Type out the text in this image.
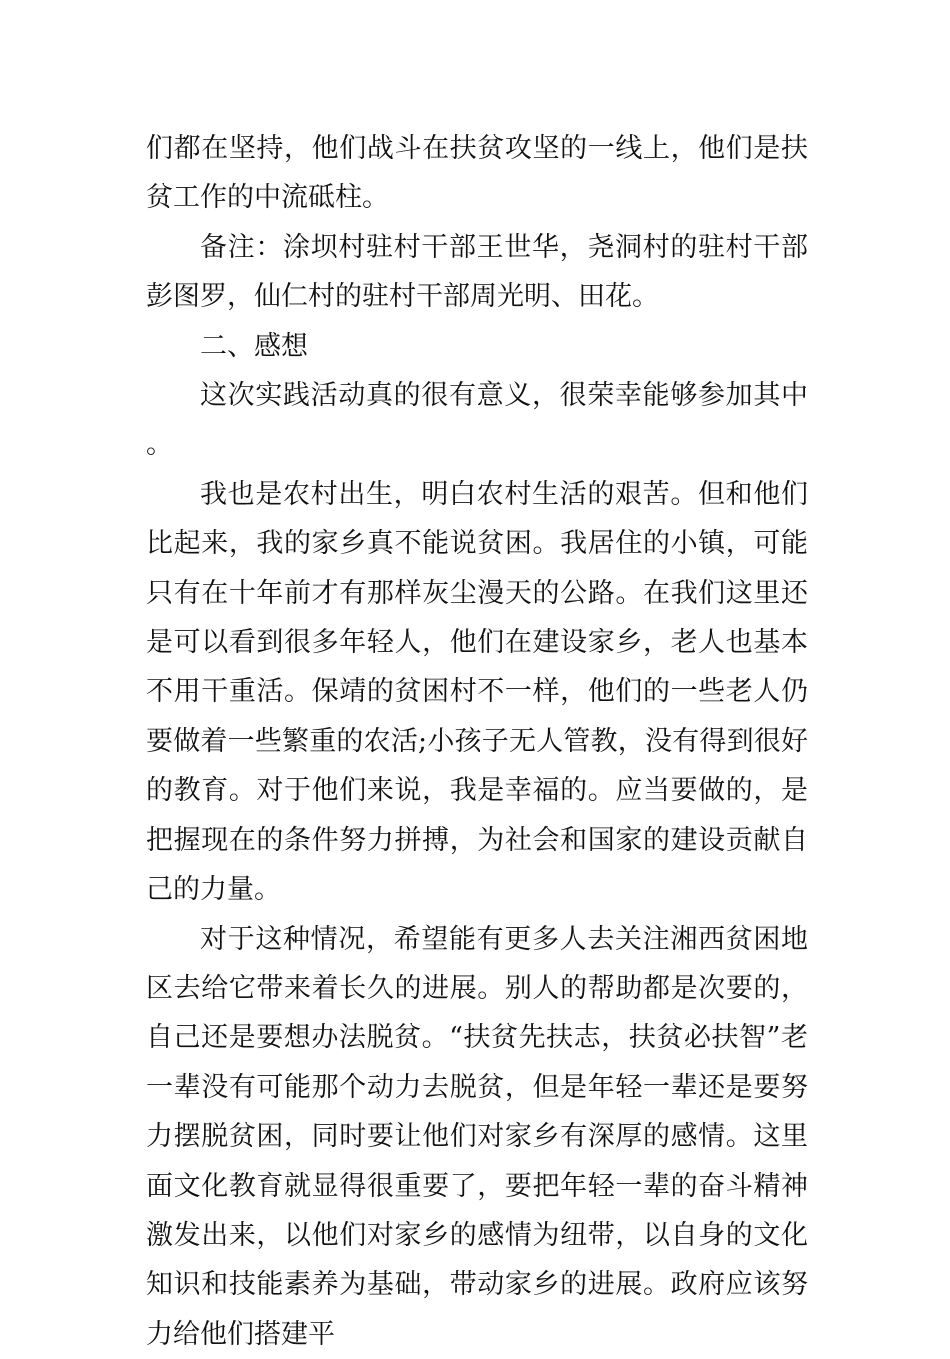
们都在坚持，他们战斗在扶贫攻坚的一线上，他们是扶贫工作的中流砥柱。

备注：涂坝村驻村干部王世华，尧洞村的驻村干部彭图罗，仙仁村的驻村干部周光明、田花。

二、感想

这次实践活动真的很有意义，很荣幸能够参加其中。

我也是农村出生，明白农村生活的艰苦。但和他们比起来，我的家乡真不能说贫困。我居住的小镇，可能只有在十年前才有那样灰尘漫天的公路。在我们这里还是可以看到很多年轻人，他们在建设家乡，老人也基本不用干重活。保靖的贫困村不一样，他们的一些老人仍要做着一些繁重的农活;小孩子无人管教，没有得到很好的教育。对于他们来说，我是幸福的。应当要做的，是把握现在的条件努力拼搏，为社会和国家的建设贡献自己的力量。

对于这种情况，希望能有更多人去关注湘西贫困地区去给它带来着长久的进展。别人的帮助都是次要的，自己还是要想办法脱贫。“扶贫先扶志，扶贫必扶智”老一辈没有可能那个动力去脱贫，但是年轻一辈还是要努力摆脱贫困，同时要让他们对家乡有深厚的感情。这里面文化教育就显得很重要了，要把年轻一辈的奋斗精神激发出来，以他们对家乡的感情为纽带，以自身的文化知识和技能素养为基础，带动家乡的进展。政府应该努力给他们搭建平
